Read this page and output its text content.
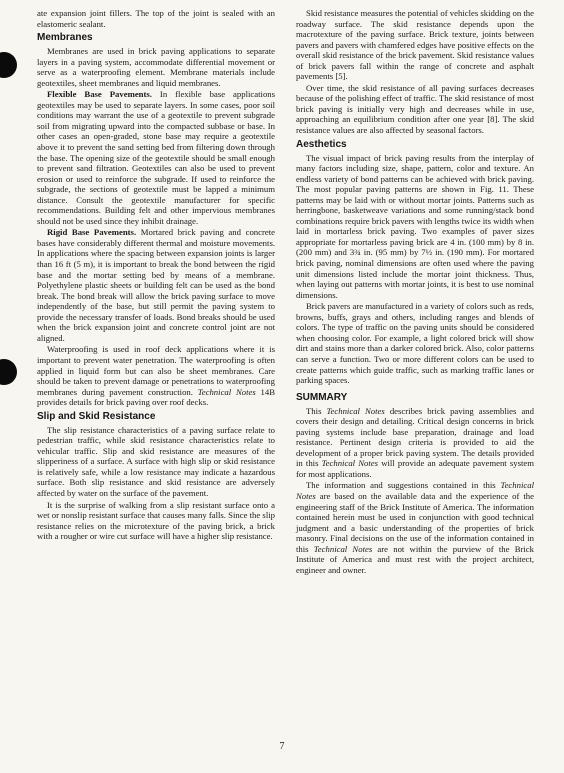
ate expansion joint fillers. The top of the joint is sealed with an elastomeric sealant.

Membranes

Membranes are used in brick paving applications to separate layers in a paving system, accommodate differential movement or serve as a waterproofing element. Membrane materials include geotextiles, sheet membranes and liquid membranes.

Flexible Base Pavements. In flexible base applications geotextiles may be used to separate layers. In some cases, poor soil conditions may warrant the use of a geotextile to prevent subgrade soil from migrating upward into the compacted subbase or base. In other cases an open-graded, stone base may require a geotextile above it to prevent the sand setting bed from filtering down through the base. The opening size of the geotextile should be small enough to prevent sand filtration. Geotextiles can also be used to prevent erosion or used to reinforce the subgrade. If used to reinforce the subgrade, the sections of geotextile must be lapped a minimum distance. Consult the geotextile manufacturer for specific recommendations. Building felt and other impervious membranes should not be used since they inhibit drainage.

Rigid Base Pavements. Mortared brick paving and concrete bases have considerably different thermal and moisture movements. In applications where the spacing between expansion joints is larger than 16 ft (5 m), it is important to break the bond between the rigid base and the mortar setting bed by means of a membrane. Polyethylene plastic sheets or building felt can be used as the bond break. The bond break will allow the brick paving surface to move independently of the base, but still permit the paving system to provide the necessary transfer of loads. Bond breaks should be used when the brick expansion joint and concrete control joint are not aligned.

Waterproofing is used in roof deck applications where it is important to prevent water penetration. The waterproofing is often applied in liquid form but can also be sheet membranes. Care should be taken to prevent damage or penetrations to waterproofing membranes during pavement construction. Technical Notes 14B provides details for brick paving over roof decks.

Slip and Skid Resistance

The slip resistance characteristics of a paving surface relate to pedestrian traffic, while skid resistance characteristics relate to vehicular traffic. Slip and skid resistance are measures of the slipperiness of a surface. A surface with high slip or skid resistance is relatively safe, while a low resistance may indicate a hazardous surface. Both slip resistance and skid resistance are adversely affected by water on the surface of the pavement.

It is the surprise of walking from a slip resistant surface onto a wet or nonslip resistant surface that causes many falls. Since the slip resistance relies on the microtexture of the paving brick, a brick with a rougher or wire cut surface will have a higher slip resistance.

Skid resistance measures the potential of vehicles skidding on the roadway surface. The skid resistance depends upon the macrotexture of the paving surface. Brick texture, joints between pavers and pavers with chamfered edges have positive effects on the overall skid resistance of the brick pavement. Skid resistance values of brick pavers fall within the range of concrete and asphalt pavements [5].

Over time, the skid resistance of all paving surfaces decreases because of the polishing effect of traffic. The skid resistance of most brick paving is initially very high and decreases while in use, approaching an equilibrium condition after one year [8]. The skid resistance values are also affected by seasonal factors.

Aesthetics

The visual impact of brick paving results from the interplay of many factors including size, shape, pattern, color and texture. An endless variety of bond patterns can be achieved with brick paving. The most popular paving patterns are shown in Fig. 11. These patterns may be laid with or without mortar joints. Patterns such as herringbone, basketweave variations and some running/stack bond combinations require brick pavers with lengths twice its width when laid in mortarless brick paving. Two examples of paver sizes appropriate for mortarless paving brick are 4 in. (100 mm) by 8 in. (200 mm) and 3¾ in. (95 mm) by 7½ in. (190 mm). For mortared brick paving, nominal dimensions are often used where the paving unit dimensions listed include the mortar joint thickness. Thus, when laying out patterns with mortar joints, it is best to use nominal dimensions.

Brick pavers are manufactured in a variety of colors such as reds, browns, buffs, grays and others, including ranges and blends of colors. The type of traffic on the paving units should be considered when choosing color. For example, a light colored brick will show dirt and stains more than a darker colored brick. Also, color patterns can serve a function. Two or more different colors can be used to create patterns which guide traffic, such as marking traffic lanes or parking spaces.

SUMMARY

This Technical Notes describes brick paving assemblies and covers their design and detailing. Critical design concerns in brick paving systems include base preparation, drainage and load resistance. Pertinent design criteria is provided to aid the development of a proper brick paving system. The details provided in this Technical Notes will provide an adequate pavement system for most applications.

The information and suggestions contained in this Technical Notes are based on the available data and the experience of the engineering staff of the Brick Institute of America. The information contained herein must be used in conjunction with good technical judgment and a basic understanding of the properties of brick masonry. Final decisions on the use of the information contained in this Technical Notes are not within the purview of the Brick Institute of America and must rest with the project architect, engineer and owner.

7
